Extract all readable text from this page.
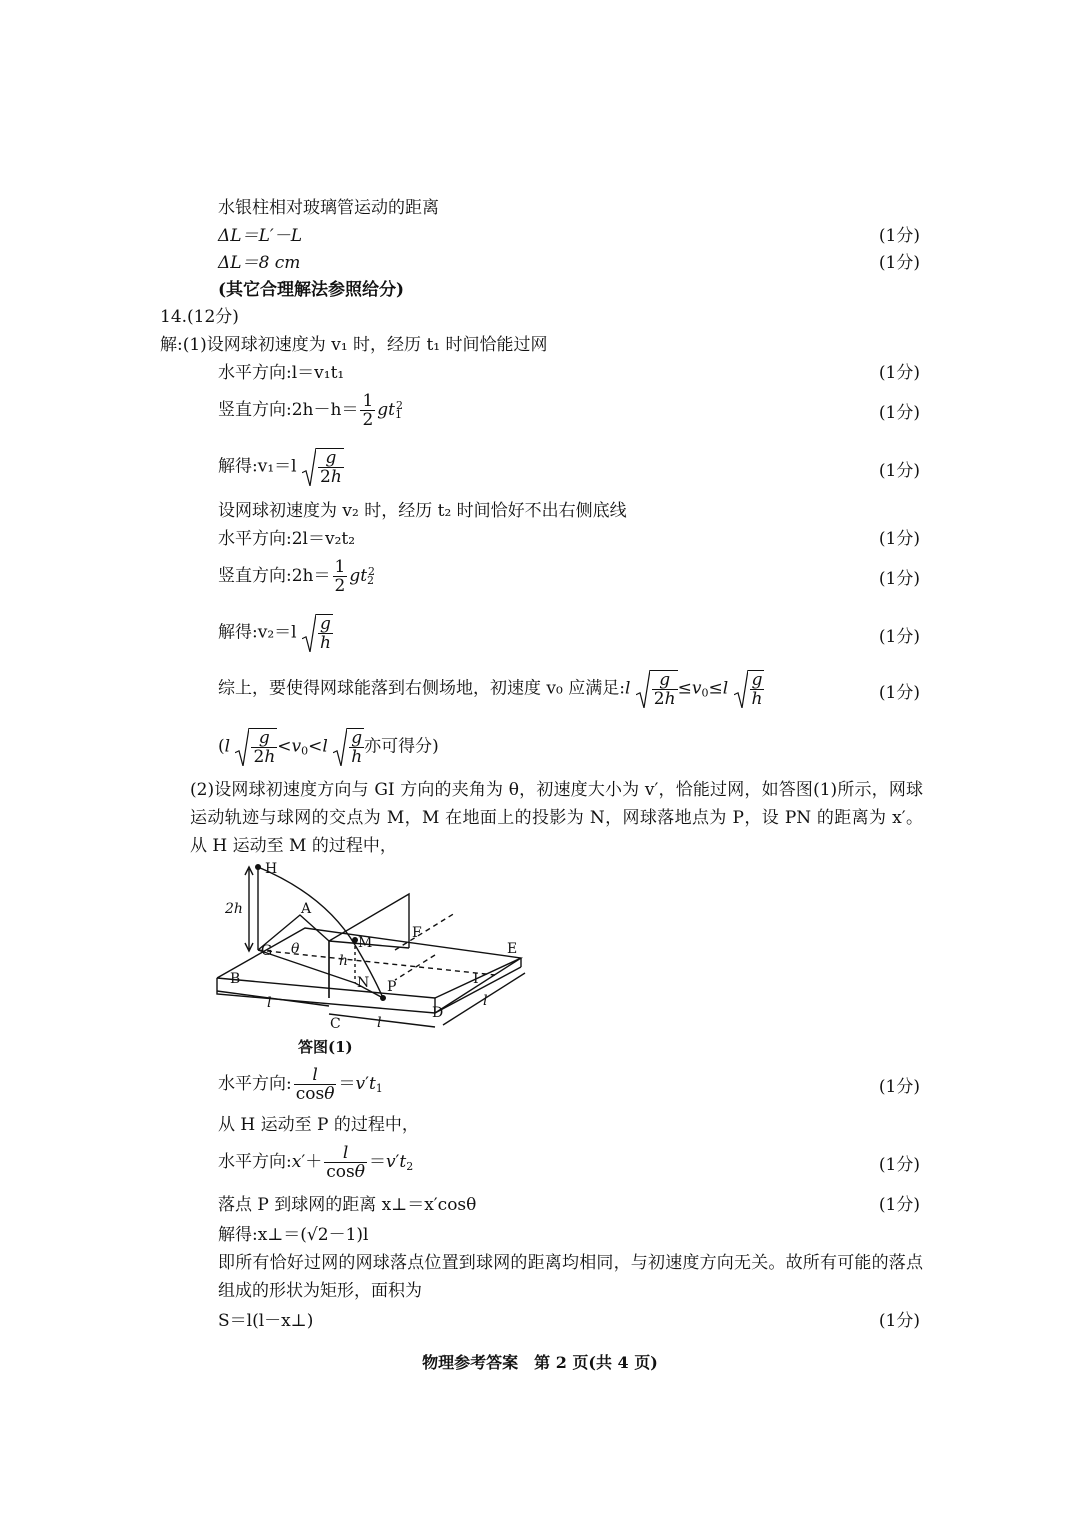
水银柱相对玻璃管运动的距离
ΔL＝L′－L	(1分)
ΔL＝8 cm	(1分)
(其它合理解法参照给分)
14.(12分)
解:(1)设网球初速度为 v₁ 时，经历 t₁ 时间恰能过网
水平方向:l＝v₁t₁	(1分)
竖直方向:2h－h＝ $\frac{1}{2} gt_1^2$	(1分)
解得:v₁＝l $\frac{g}{2h}$	(1分)
设网球初速度为 v₂ 时，经历 t₂ 时间恰好不出右侧底线
水平方向:2l＝v₂t₂	(1分)
竖直方向:2h＝ $\frac{1}{2} gt_2^2$	(1分)
解得:v₂＝l $\frac{g}{h}$	(1分)
综上，要使得网球能落到右侧场地，初速度 v₀ 应满足:l $\frac{g}{2h} \le v_0\le l \frac{g}{h}$	(1分)
($l \frac{g}{2h} <v_0<l \frac{g}{h}$ 亦可得分)
(2)设网球初速度方向与 GI 方向的夹角为 θ，初速度大小为 v′，恰能过网，如答图(1)所示，网球运动轨迹与球网的交点为 M，M 在地面上的投影为 N，网球落地点为 P，设 PN 的距离为 x′。从 H 运动至 M 的过程中，
H
A
G
B
C
D
E
F
I
M
N P
θ
h
2h
l
l
l
答图(1)
水平方向: $\frac{l}{\cos\theta} =v't_1$	(1分)
从 H 运动至 P 的过程中，
水平方向:x′＋ $\frac{l}{\cos\theta} =v't_2$	(1分)
落点 P 到球网的距离 x⊥＝x′cosθ	(1分)
解得:x⊥＝(√2－1)l
即所有恰好过网的网球落点位置到球网的距离均相同，与初速度方向无关。故所有可能的落点组成的形状为矩形，面积为
S＝l(l－x⊥)	(1分)
物理参考答案　第 2 页(共 4 页)
